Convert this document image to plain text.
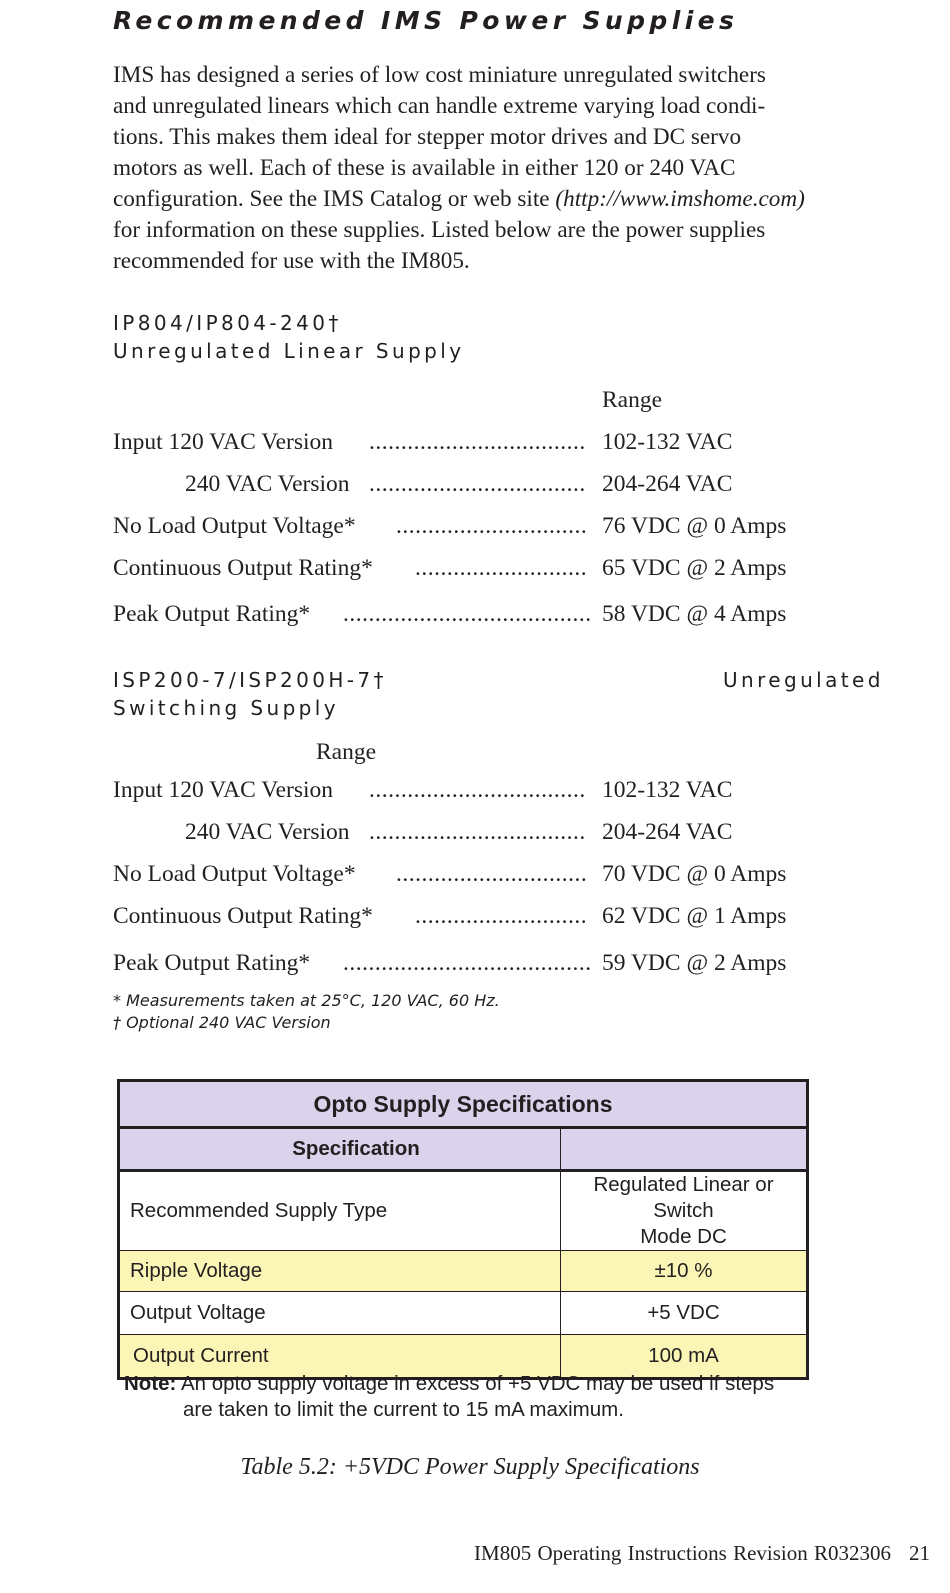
Recommended IMS Power Supplies

IMS has designed a series of low cost miniature unregulated switchers

and unregulated linears which can handle extreme varying load condi-

tions. This makes them ideal for stepper motor drives and DC servo

motors as well. Each of these is available in either 120 or 240 VAC

configuration. See the IMS Catalog or web site (http://www.imshome.com)

for information on these supplies. Listed below are the power supplies

recommended for use with the IM805.

IP804/IP804-240†
Unregulated Linear Supply
Range
Input 120 VAC Version .................................. 102-132 VAC
240 VAC Version .................................. 204-264 VAC
No Load Output Voltage* .............................. 76 VDC @ 0 Amps
Continuous Output Rating* ........................... 65 VDC @ 2 Amps
Peak Output Rating* ....................................... 58 VDC @ 4 Amps
ISP200-7/ISP200H-7†	Unregulated
Switching Supply
Range
Input 120 VAC Version .................................. 102-132 VAC
240 VAC Version .................................. 204-264 VAC
No Load Output Voltage* .............................. 70 VDC @ 0 Amps
Continuous Output Rating* ........................... 62 VDC @ 1 Amps
Peak Output Rating* ....................................... 59 VDC @ 2 Amps
* Measurements taken at 25°C, 120 VAC, 60 Hz.
† Optional 240 VAC Version
Opto Supply Specifications	
Specification	
Recommended Supply Type	Regulated Linear or Switch
Mode DC
Ripple Voltage	±10 %
Output Voltage	+5 VDC
Output Current	100 mA
Note: An opto supply voltage in excess of +5 VDC may be used if steps
are taken to limit the current to 15 mA maximum.
Table 5.2: +5VDC Power Supply Specifications
IM805 Operating Instructions Revision R032306 21
